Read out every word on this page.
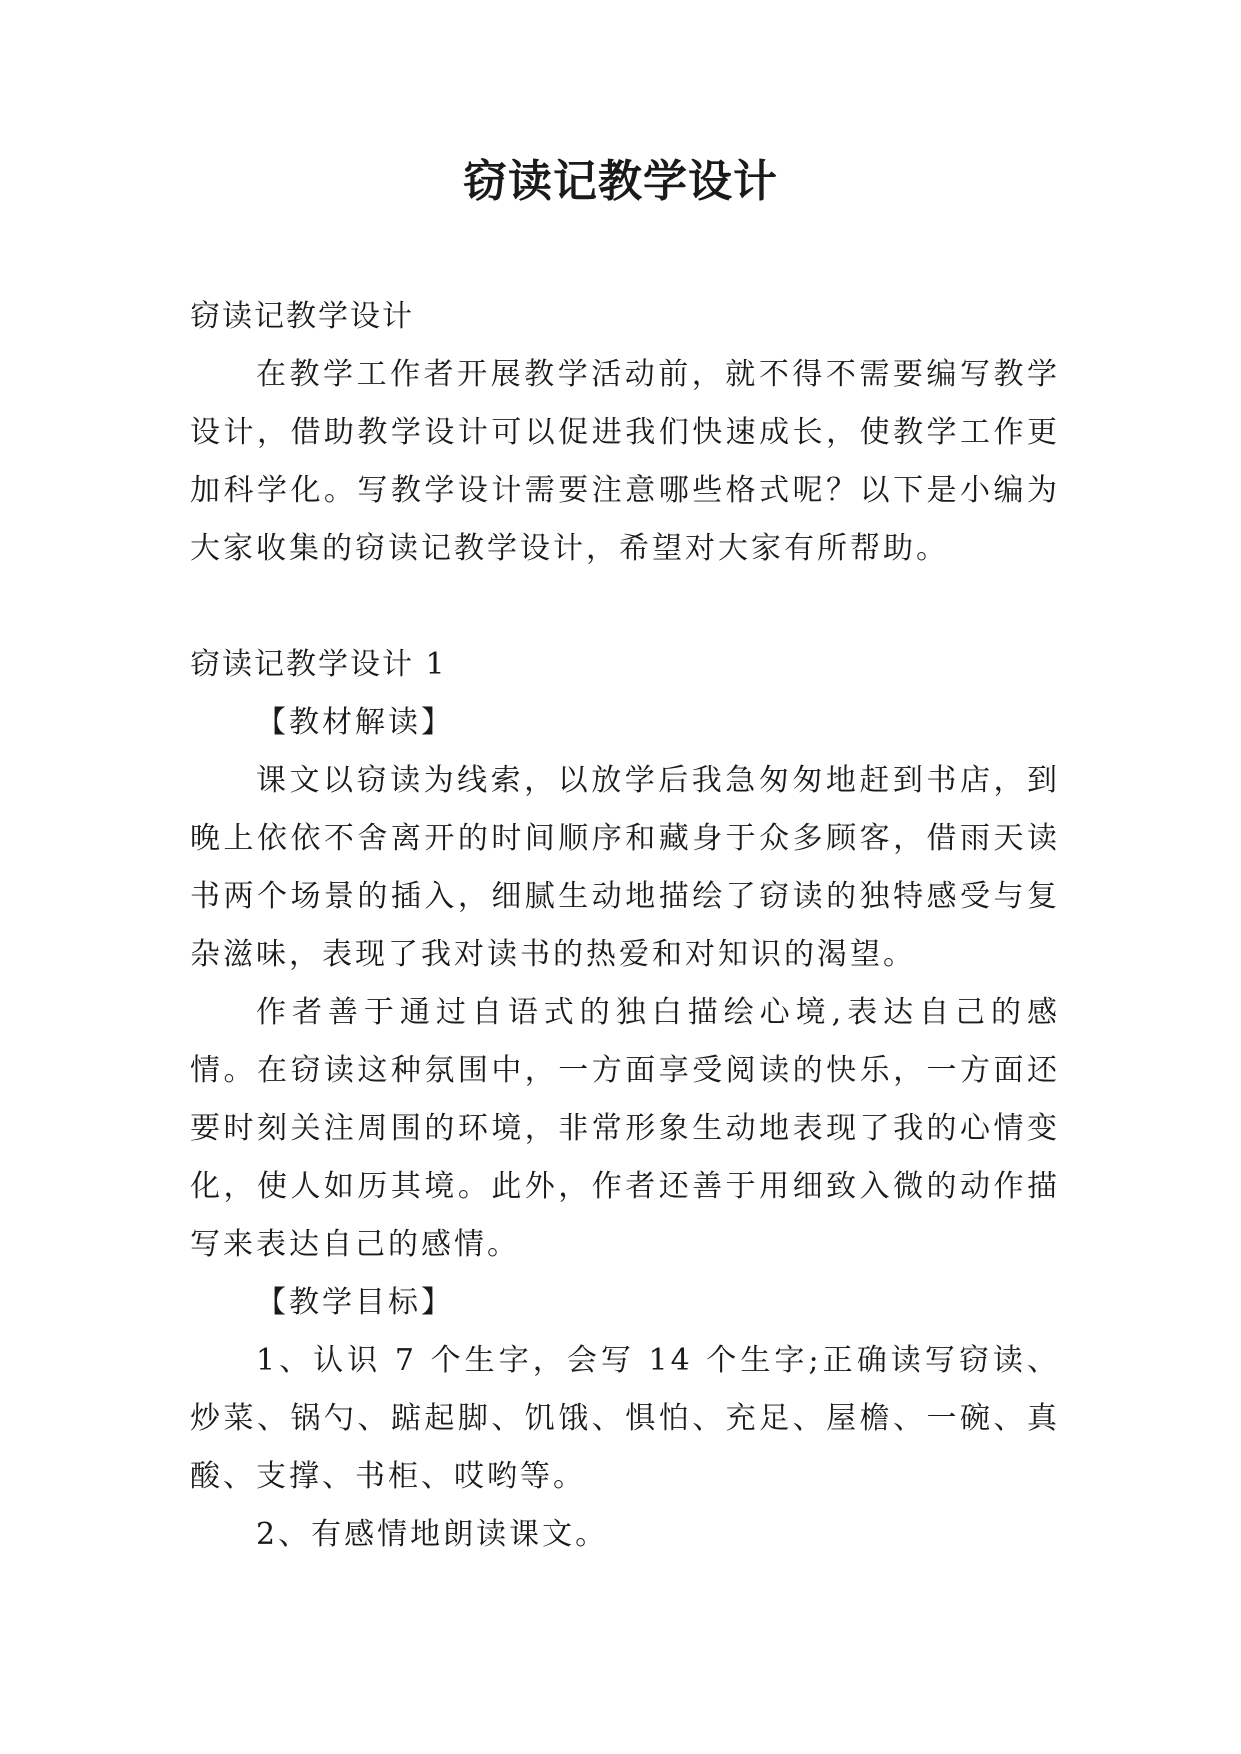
窃读记教学设计

窃读记教学设计

在教学工作者开展教学活动前，就不得不需要编写教学设计，借助教学设计可以促进我们快速成长，使教学工作更加科学化。写教学设计需要注意哪些格式呢？以下是小编为大家收集的窃读记教学设计，希望对大家有所帮助。

窃读记教学设计 1

【教材解读】

课文以窃读为线索，以放学后我急匆匆地赶到书店，到晚上依依不舍离开的时间顺序和藏身于众多顾客，借雨天读书两个场景的插入，细腻生动地描绘了窃读的独特感受与复杂滋味，表现了我对读书的热爱和对知识的渴望。

作者善于通过自语式的独白描绘心境,表达自己的感情。在窃读这种氛围中，一方面享受阅读的快乐，一方面还要时刻关注周围的环境，非常形象生动地表现了我的心情变化，使人如历其境。此外，作者还善于用细致入微的动作描写来表达自己的感情。

【教学目标】

1、认识 7 个生字，会写 14 个生字;正确读写窃读、炒菜、锅勺、踮起脚、饥饿、惧怕、充足、屋檐、一碗、真酸、支撑、书柜、哎哟等。

2、有感情地朗读课文。
